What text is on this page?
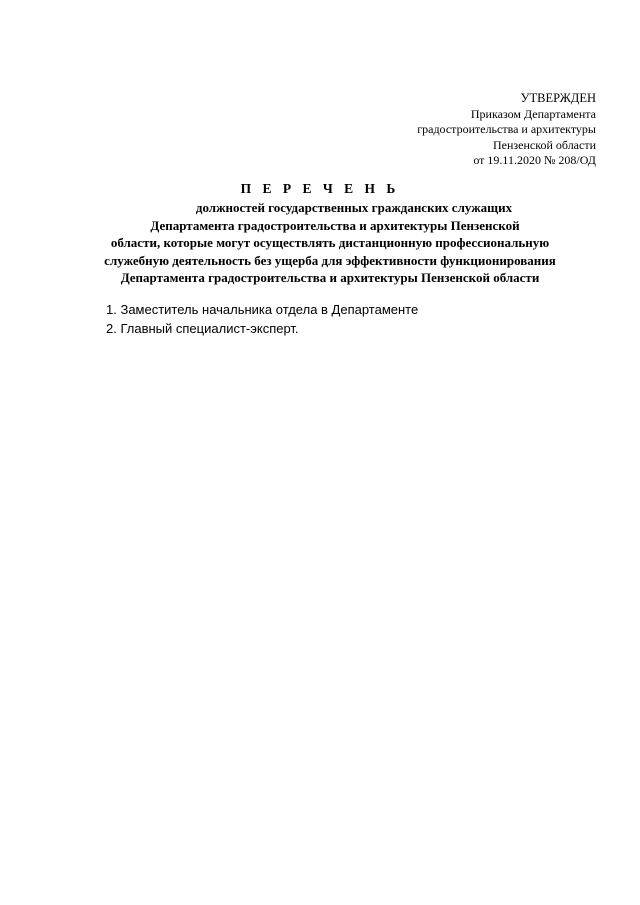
УТВЕРЖДЕН
Приказом Департамента
градостроительства и архитектуры
Пензенской области
от 19.11.2020 № 208/ОД
П Е Р Е Ч Е Н Ь
должностей государственных гражданских служащих
Департамента градостроительства и архитектуры Пензенской
области, которые могут осуществлять дистанционную профессиональную
служебную деятельность без ущерба для эффективности функционирования
Департамента градостроительства и архитектуры Пензенской области
1. Заместитель начальника отдела в Департаменте
2. Главный специалист-эксперт.
